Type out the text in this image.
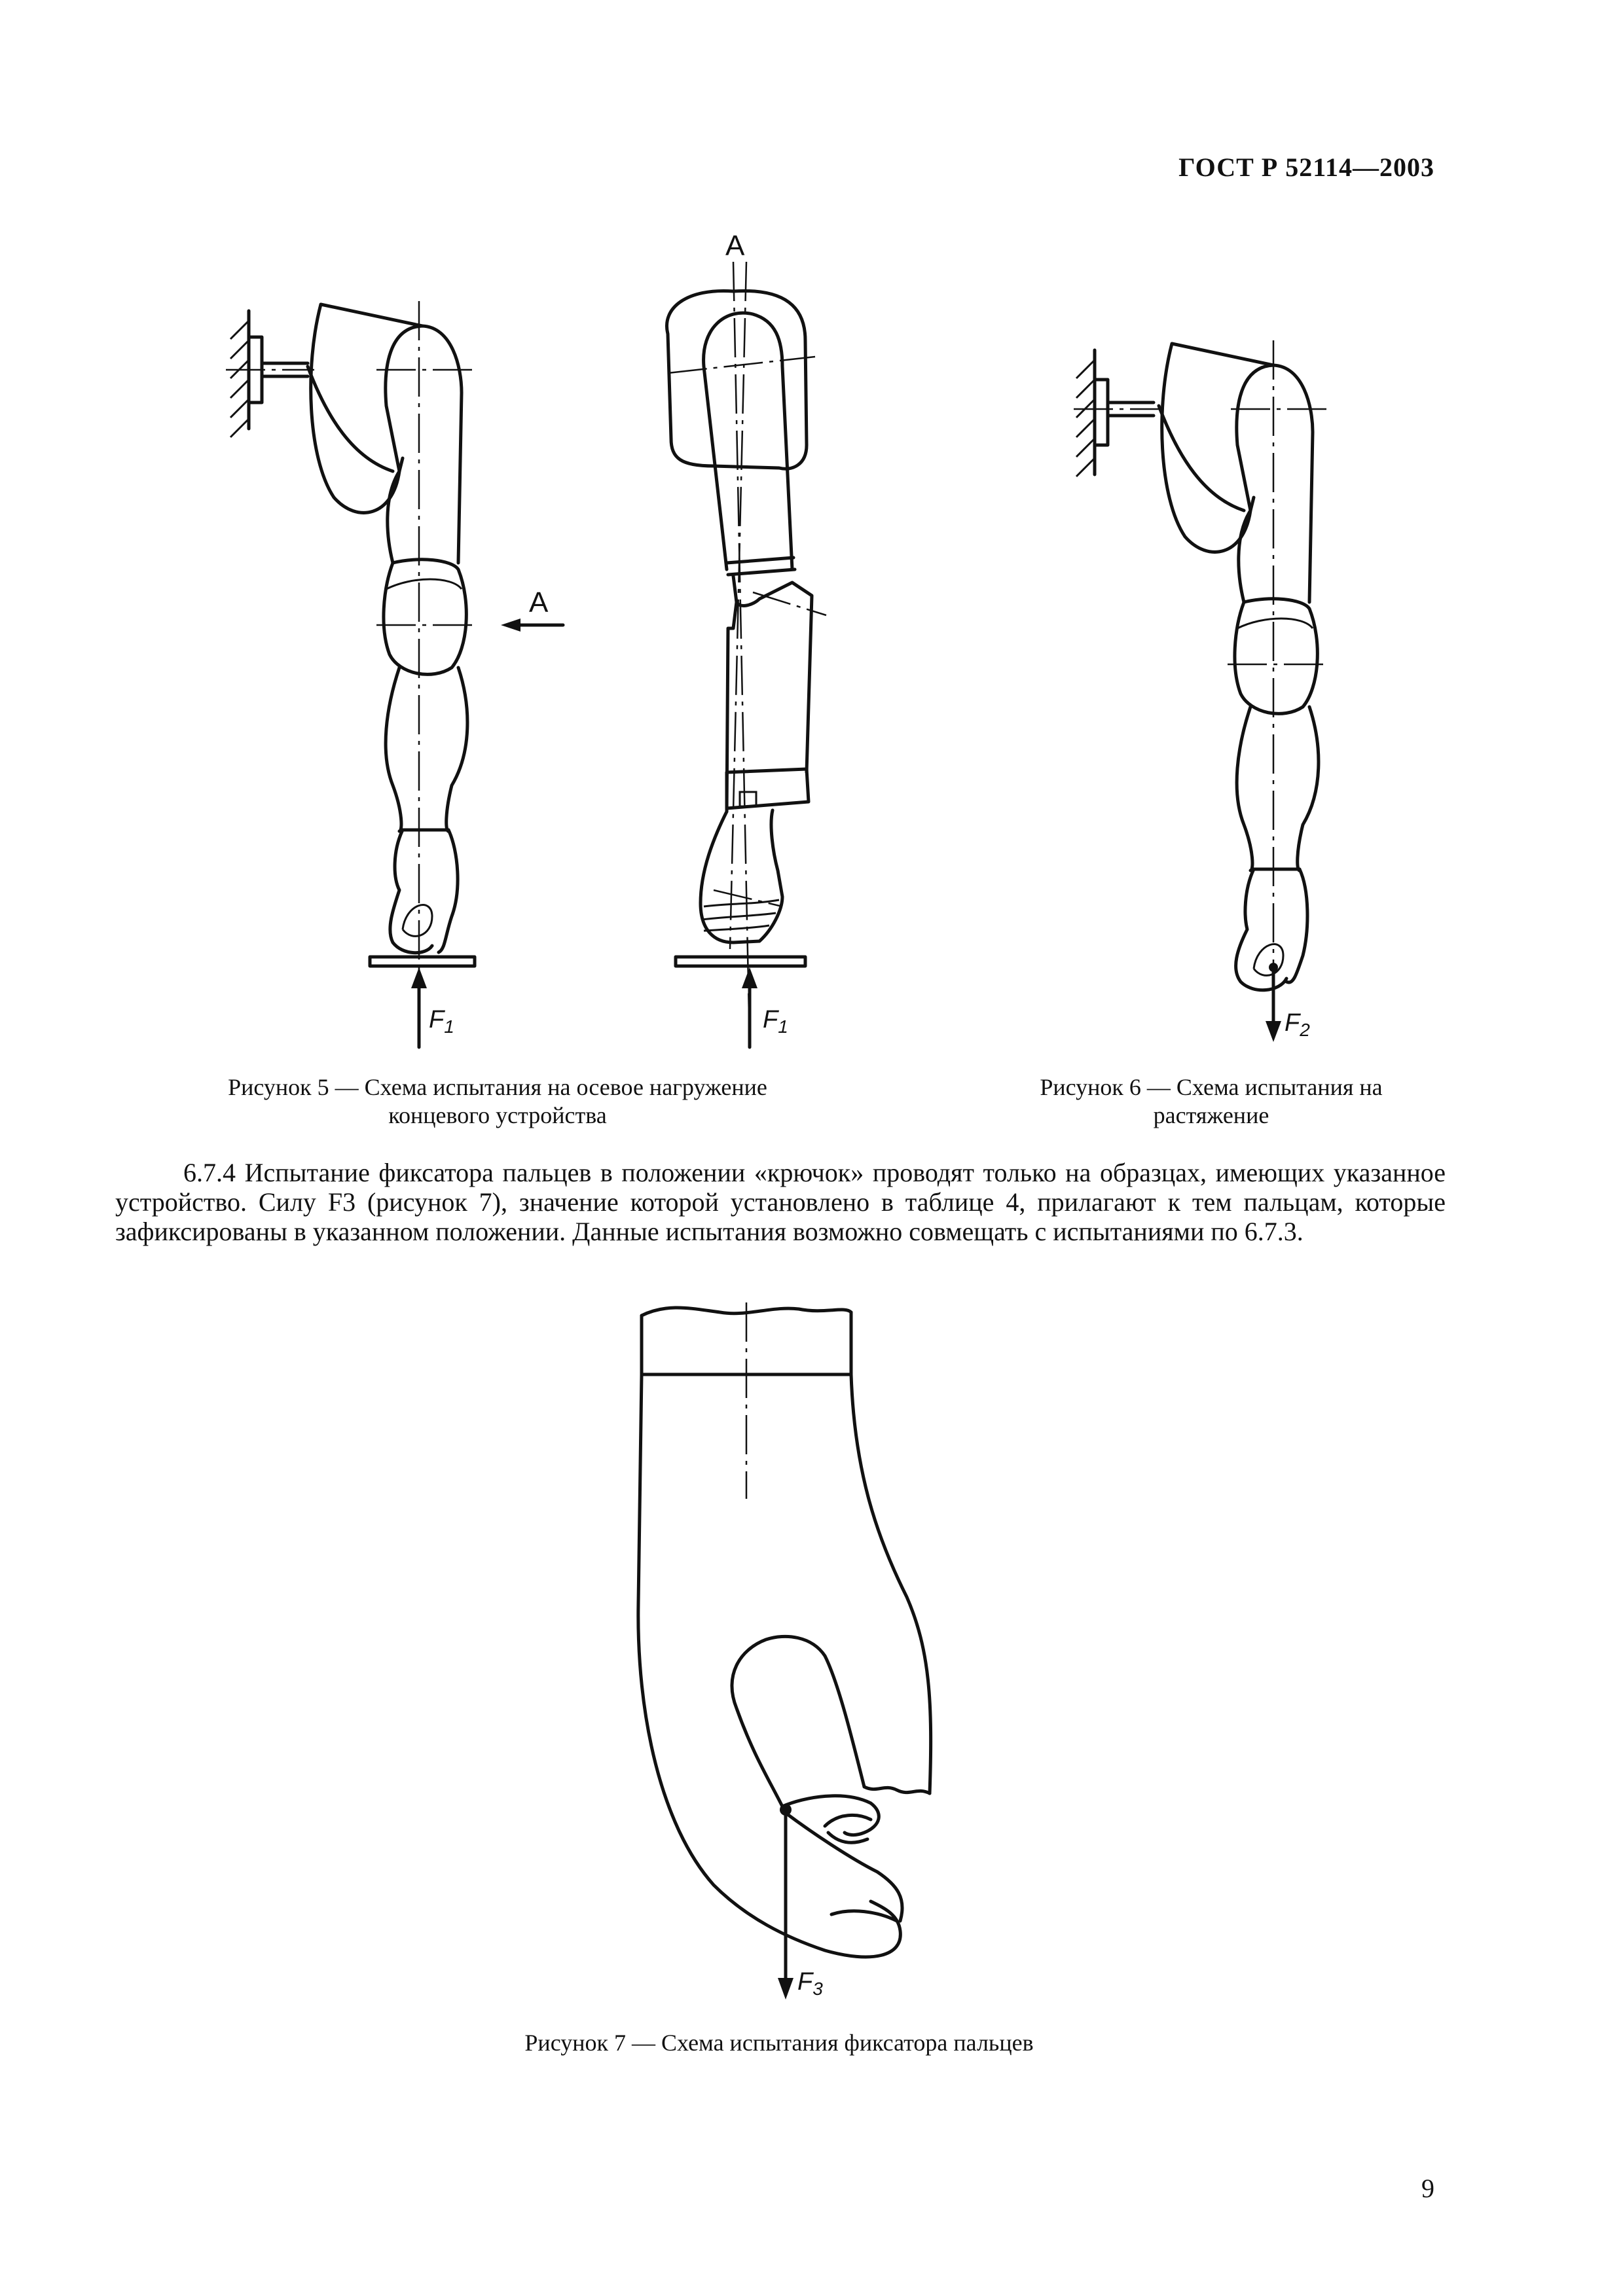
ГОСТ Р 52114—2003
$F_1$
А
А
$F_1$	$F_2$
$F_3$
Рисунок 5 — Схема испытания на осевое нагружение
концевого устройства
Рисунок 6 — Схема испытания на
растяжение
6.7.4 Испытание фиксатора пальцев в положении «крючок» проводят только на образцах, имеющих указанное устройство. Силу F3 (рисунок 7), значение которой установлено в таблице 4, прилагают к тем пальцам, которые зафиксированы в указанном положении. Данные испытания возможно совмещать с испытаниями по 6.7.3.
Рисунок 7 — Схема испытания фиксатора пальцев
9
